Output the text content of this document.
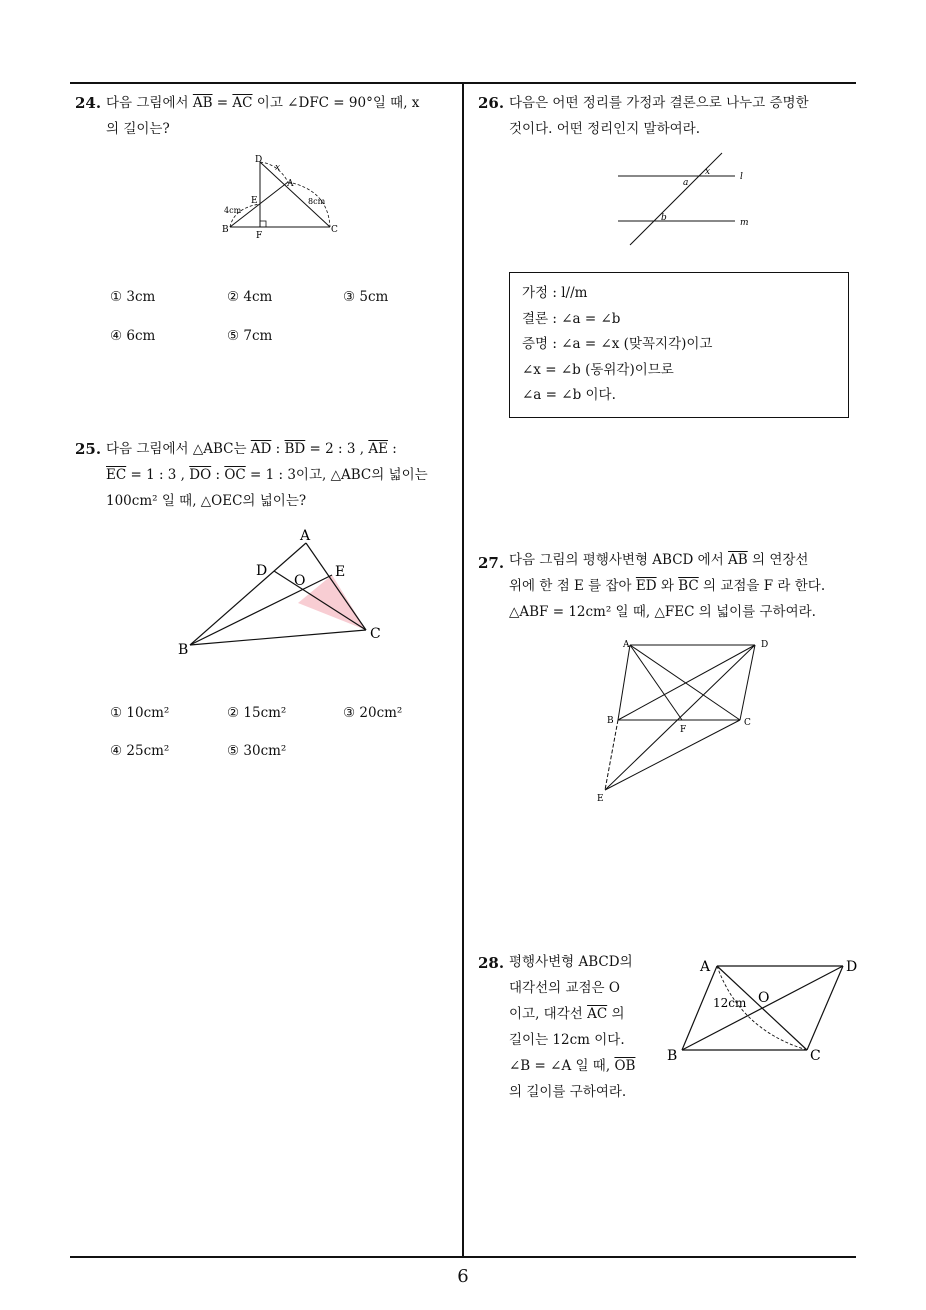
24. 다음 그림에서 $\overline{AB} = \overline{AC}$ 이고 ∠DFC = 90°일 때, x
의 길이는?
D
x
A
E	8cm
4cm
B
F
C
① 3cm	② 4cm	③ 5cm
④ 6cm	⑤ 7cm
25. 다음 그림에서 △ABC는 $\overline{AD}$ : $\overline{BD} = 2$ : 3 , $\overline{AE}$ :
$\overline{EC} = 1$ : 3 , $\overline{DO}$ : $\overline{OC} = 1$ : 3이고, △ABC의 넓이는
100cm² 일 때, △OEC의 넓이는?
A
D
O
E
B
C
① 10cm²	② 15cm²	③ 20cm²
④ 25cm²	⑤ 30cm²
26. 다음은 어떤 정리를 가정과 결론으로 나누고 증명한
것이다. 어떤 정리인지 말하여라.
x
a
l
b	m
가정 : l//m
결론 : ∠a = ∠b
증명 : ∠a = ∠x (맞꼭지각)이고
∠x = ∠b (동위각)이므로
∠a = ∠b 이다.
27. 다음 그림의 평행사변형 ABCD 에서 $\overline{AB}$ 의 연장선
위에 한 점 E 를 잡아 $\overline{ED}$ 와 $\overline{BC}$ 의 교점을 F 라 한다.
△ABF = 12cm² 일 때, △FEC 의 넓이를 구하여라.
A	D
B
F
C
E
28. 평행사변형 ABCD의
대각선의 교점은 O
이고, 대각선 $\overline{AC}$ 의
길이는 12cm 이다.
∠B = ∠A 일 때, $\overline{OB}$
의 길이를 구하여라.
A	D
O
12cm
B	C
6
